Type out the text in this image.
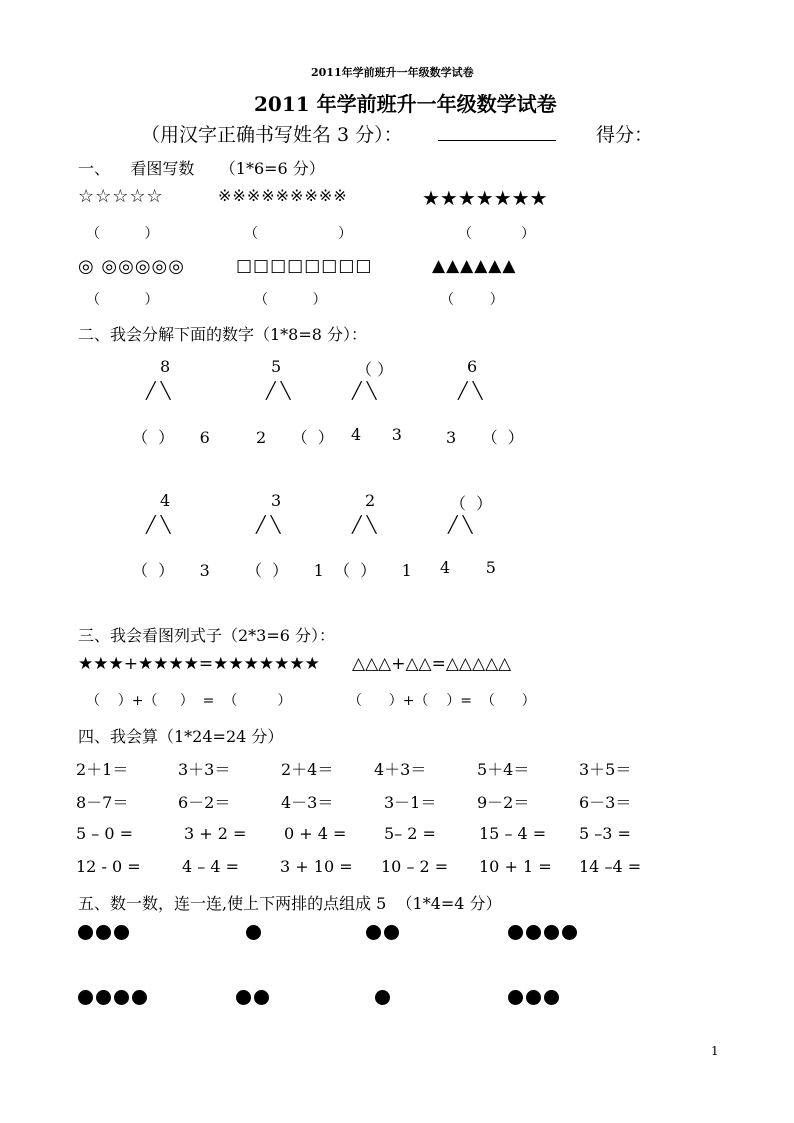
2011年学前班升一年级数学试卷
2011 年学前班升一年级数学试卷
（用汉字正确书写姓名 3 分）：	得分：
一、    看图写数     （1*6=6 分）
☆☆☆☆☆	※※※※※※※※※	★★★★★★★
（          ）	（                  ）	（           ）
◎ ◎◎◎◎◎	□□□□□□□□	▲▲▲▲▲▲
（          ）	（          ）	（        ）
二、我会分解下面的数字（1*8=8 分）：
8	5	（ ）	6
╱ ╲	╱ ╲	╱ ╲	╱ ╲
（  ）     6	2     （  ） 4      3	3     （  ）
4	3	2	（  ）
╱ ╲	╱ ╲	╱ ╲	╱ ╲
（  ）     3 （  ）     1 （  ）     1 4       5
三、我会看图列式子（2*3=6 分）：
★★★+★★★★=★★★★★★★ △△△+△△=△△△△△
（    ）+（     ）  =  （         ）	（      ）+（    ）=  （      ）
四、我会算（1*24=24 分）
2＋1＝	3＋3＝	2＋4＝	4＋3＝	5＋4＝	3＋5＝
8－7＝	6－2＝	4－3＝	3－1＝	9－2＝	6－3＝
5 – 0 =	3 + 2 = 0 + 4 = 5– 2 =	15 – 4 = 5 –3 =
12 - 0 =	4 – 4 =	3 + 10 = 10 – 2 = 10 + 1 = 14 –4 =
五、数一数，连一连,使上下两排的点组成 5  （1*4=4 分）
1
